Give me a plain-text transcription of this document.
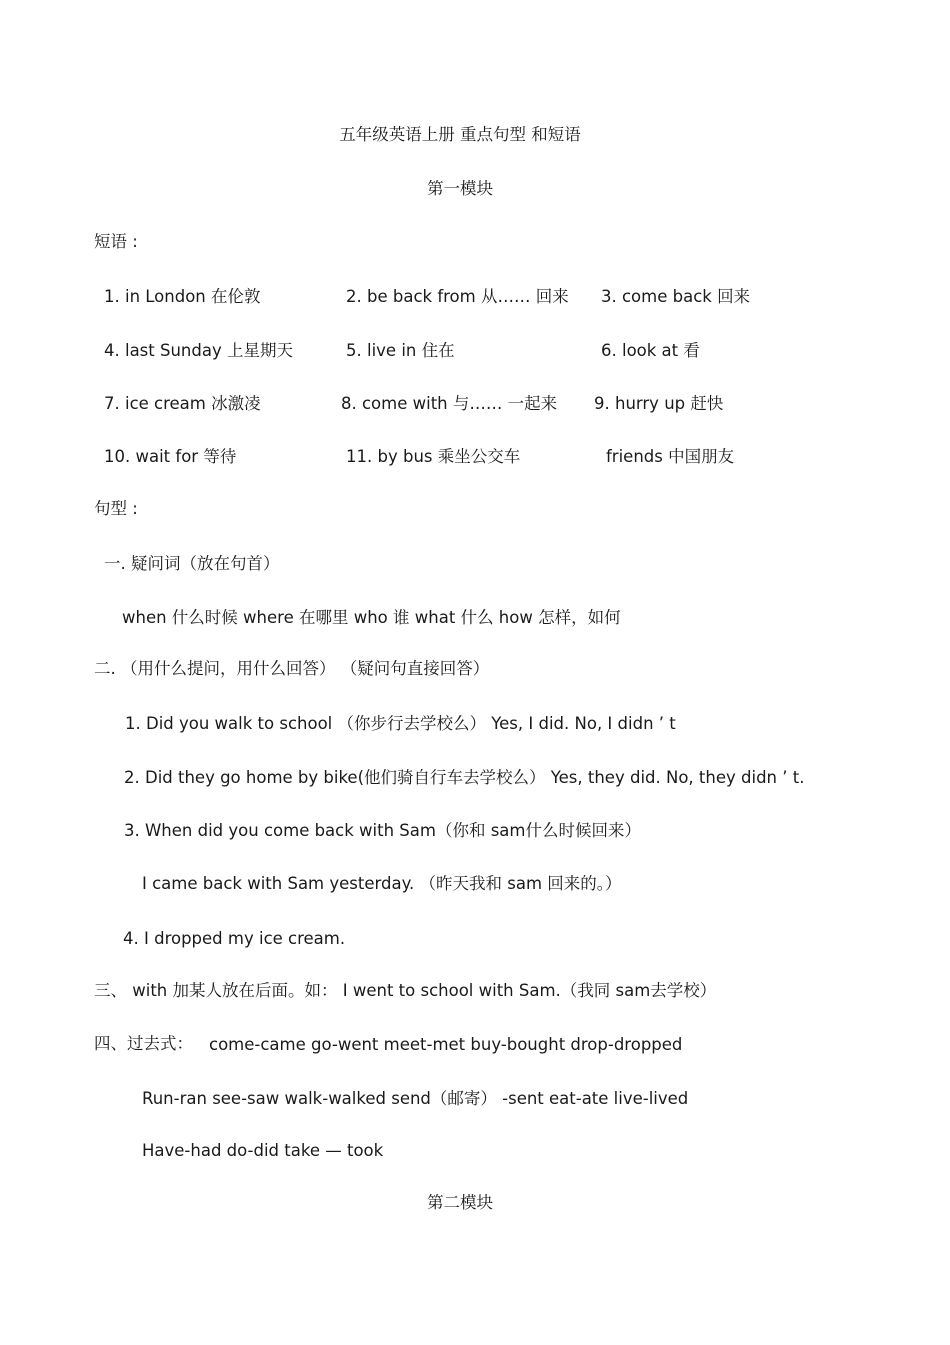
五年级英语上册 重点句型 和短语
第一模块
短语 :
1. in London 在伦敦	2. be back from 从…… 回来 3. come back 回来
4. last Sunday 上星期天	5. live in 住在	6. look at 看
7. ice cream 冰激凌	8. come with 与…… 一起来 9. hurry up 赶快
10. wait for 等待	11. by bus 乘坐公交车	friends 中国朋友
句型 :
一. 疑问词（放在句首）
when 什么时候 where 在哪里 who 谁 what 什么 how 怎样，如何
二. （用什么提问，用什么回答） （疑问句直接回答）
1. Did you walk to school （你步行去学校么） Yes, I did. No, I didn ’ t
2. Did they go home by bike(他们骑自行车去学校么） Yes, they did. No, they didn ’ t.
3. When did you come back with Sam（你和 sam什么时候回来）
I came back with Sam yesterday. （昨天我和 sam 回来的。）
4. I dropped my ice cream.
三、 with 加某人放在后面。如： I went to school with Sam.（我同 sam去学校）
四、过去式： come-came go-went meet-met buy-bought drop-dropped
Run-ran see-saw walk-walked send（邮寄） -sent eat-ate live-lived
Have-had do-did take — took
第二模块
